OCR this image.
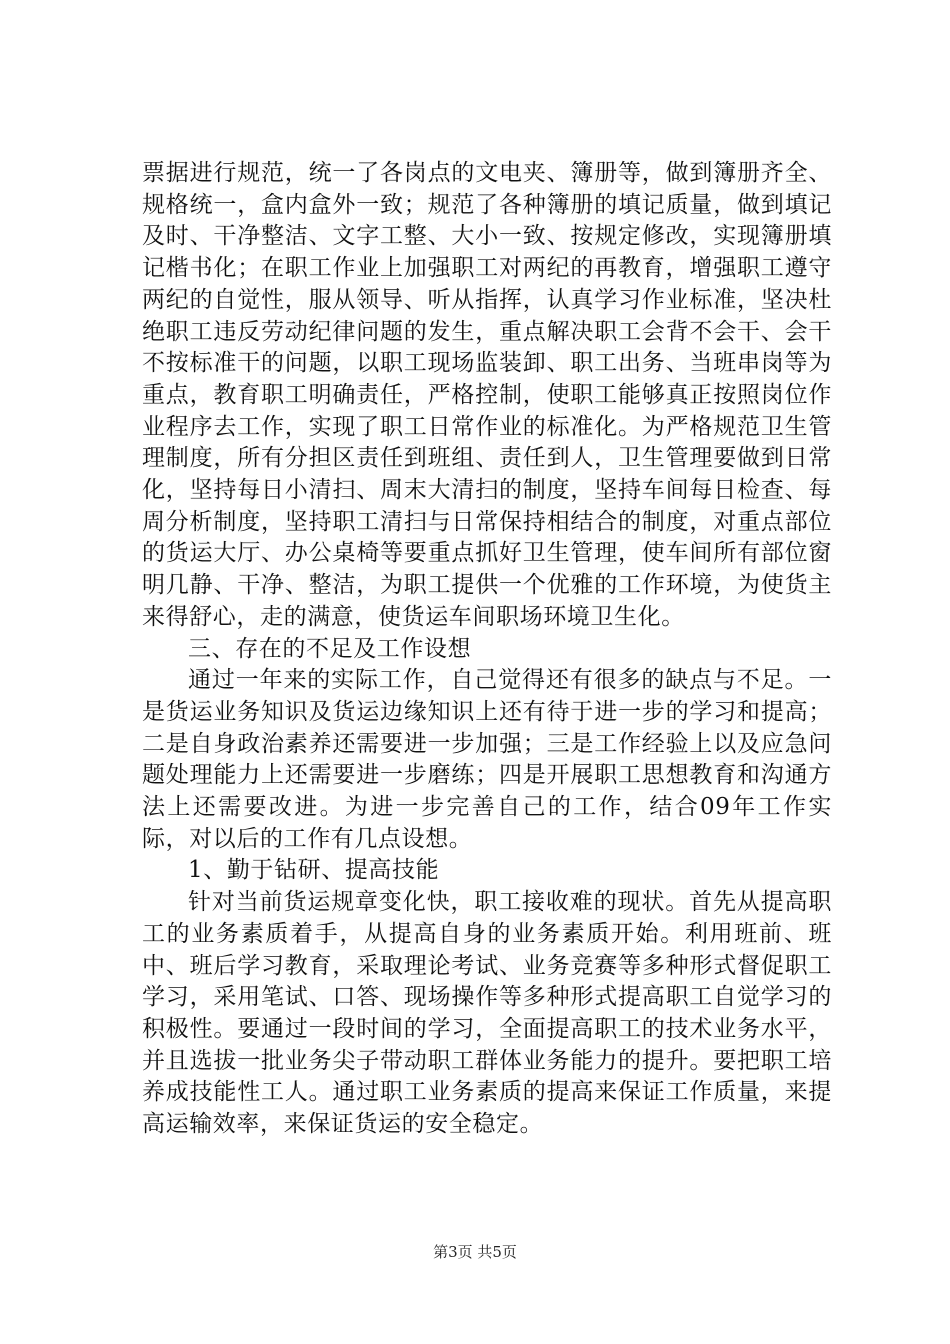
票据进行规范，统一了各岗点的文电夹、簿册等，做到簿册齐全、规格统一，盒内盒外一致；规范了各种簿册的填记质量，做到填记及时、干净整洁、文字工整、大小一致、按规定修改，实现簿册填记楷书化；在职工作业上加强职工对两纪的再教育，增强职工遵守两纪的自觉性，服从领导、听从指挥，认真学习作业标准，坚决杜绝职工违反劳动纪律问题的发生，重点解决职工会背不会干、会干不按标准干的问题，以职工现场监装卸、职工出务、当班串岗等为重点，教育职工明确责任，严格控制，使职工能够真正按照岗位作业程序去工作，实现了职工日常作业的标准化。为严格规范卫生管理制度，所有分担区责任到班组、责任到人，卫生管理要做到日常化，坚持每日小清扫、周末大清扫的制度，坚持车间每日检查、每周分析制度，坚持职工清扫与日常保持相结合的制度，对重点部位的货运大厅、办公桌椅等要重点抓好卫生管理，使车间所有部位窗明几静、干净、整洁，为职工提供一个优雅的工作环境，为使货主来得舒心，走的满意，使货运车间职场环境卫生化。

三、存在的不足及工作设想

通过一年来的实际工作，自己觉得还有很多的缺点与不足。一是货运业务知识及货运边缘知识上还有待于进一步的学习和提高；二是自身政治素养还需要进一步加强；三是工作经验上以及应急问题处理能力上还需要进一步磨练；四是开展职工思想教育和沟通方法上还需要改进。为进一步完善自己的工作，结合09年工作实际，对以后的工作有几点设想。

1、勤于钻研、提高技能

针对当前货运规章变化快，职工接收难的现状。首先从提高职工的业务素质着手，从提高自身的业务素质开始。利用班前、班中、班后学习教育，采取理论考试、业务竞赛等多种形式督促职工学习，采用笔试、口答、现场操作等多种形式提高职工自觉学习的积极性。要通过一段时间的学习，全面提高职工的技术业务水平，并且选拔一批业务尖子带动职工群体业务能力的提升。要把职工培养成技能性工人。通过职工业务素质的提高来保证工作质量，来提高运输效率，来保证货运的安全稳定。

第3页 共5页
